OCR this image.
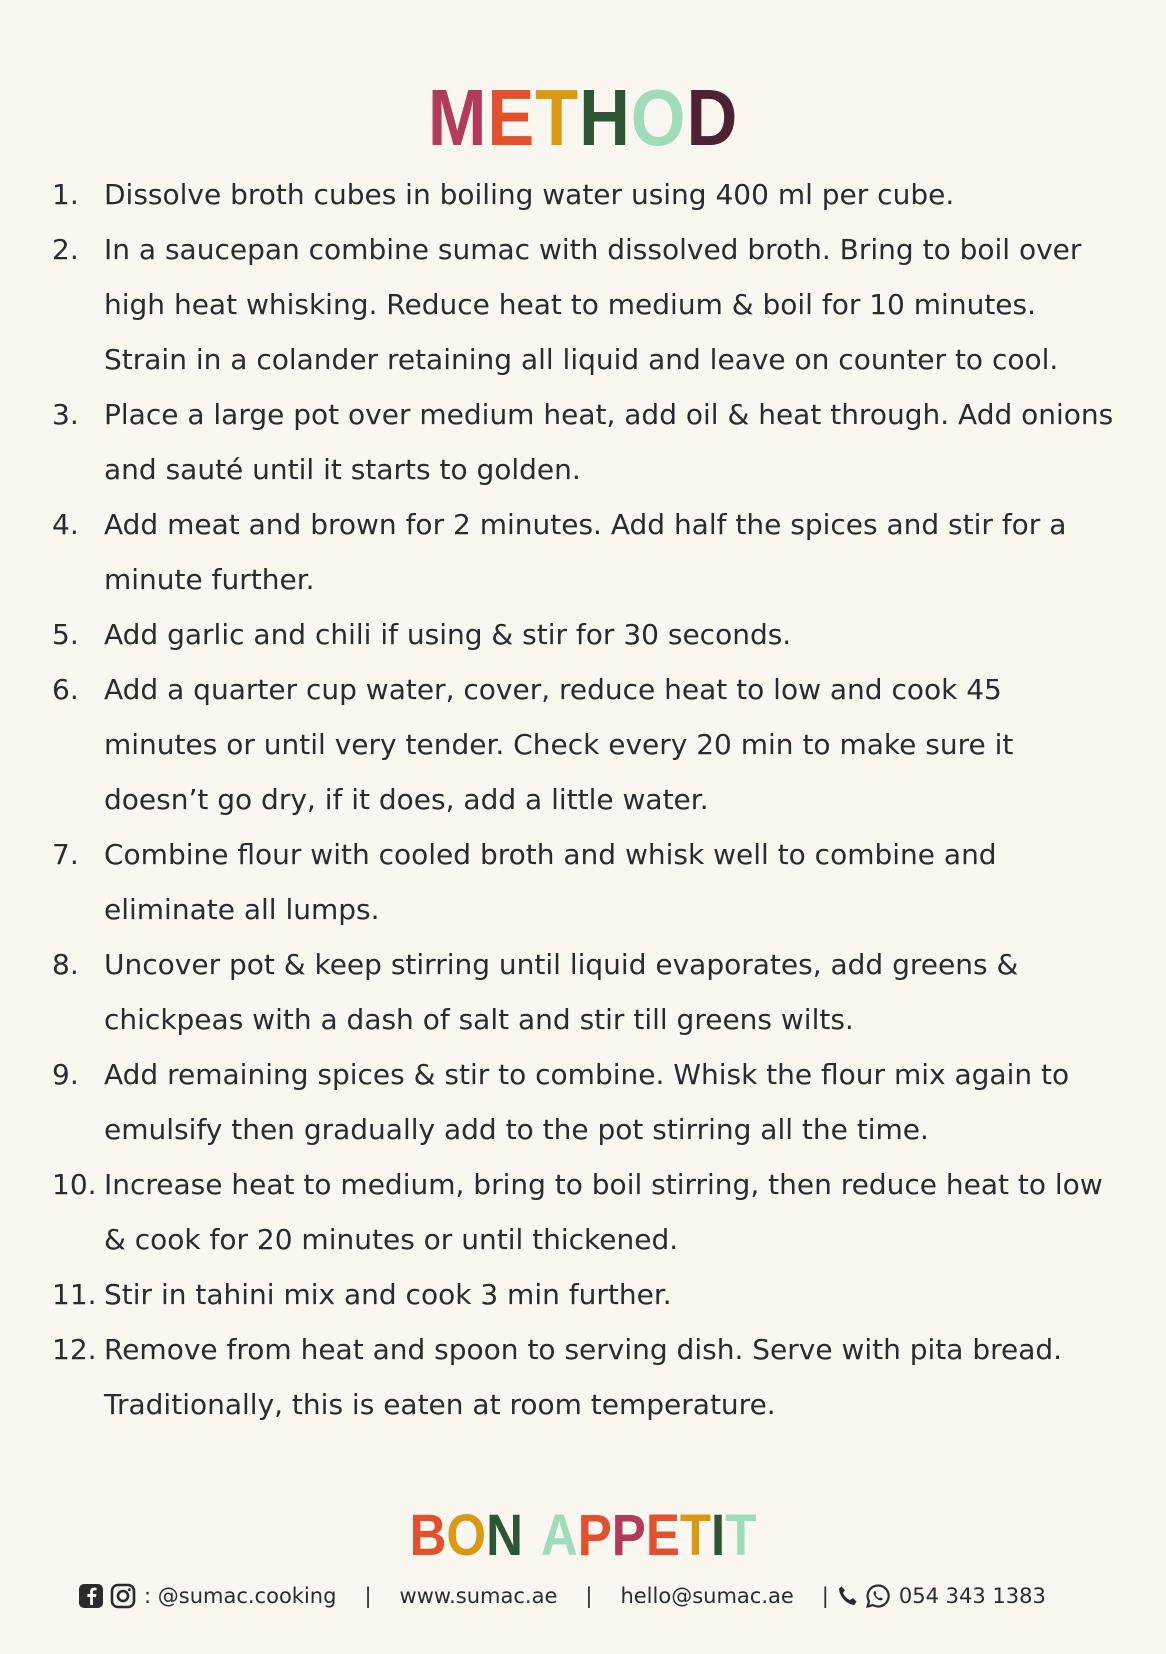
METHOD
1. Dissolve broth cubes in boiling water using 400 ml per cube.
2. In a saucepan combine sumac with dissolved broth. Bring to boil over high heat whisking. Reduce heat to medium & boil for 10 minutes. Strain in a colander retaining all liquid and leave on counter to cool.
3. Place a large pot over medium heat, add oil & heat through. Add onions and sauté until it starts to golden.
4. Add meat and brown for 2 minutes. Add half the spices and stir for a minute further.
5. Add garlic and chili if using & stir for 30 seconds.
6. Add a quarter cup water, cover, reduce heat to low and cook 45 minutes or until very tender. Check every 20 min to make sure it doesn’t go dry, if it does, add a little water.
7. Combine flour with cooled broth and whisk well to combine and eliminate all lumps.
8. Uncover pot & keep stirring until liquid evaporates, add greens & chickpeas with a dash of salt and stir till greens wilts.
9. Add remaining spices & stir to combine. Whisk the flour mix again to emulsify then gradually add to the pot stirring all the time.
10. Increase heat to medium, bring to boil stirring, then reduce heat to low & cook for 20 minutes or until thickened.
11. Stir in tahini mix and cook 3 min further.
12. Remove from heat and spoon to serving dish. Serve with pita bread. Traditionally, this is eaten at room temperature.
BON APPETIT
: @sumac.cooking | www.sumac.ae | hello@sumac.ae |	054 343 1383
